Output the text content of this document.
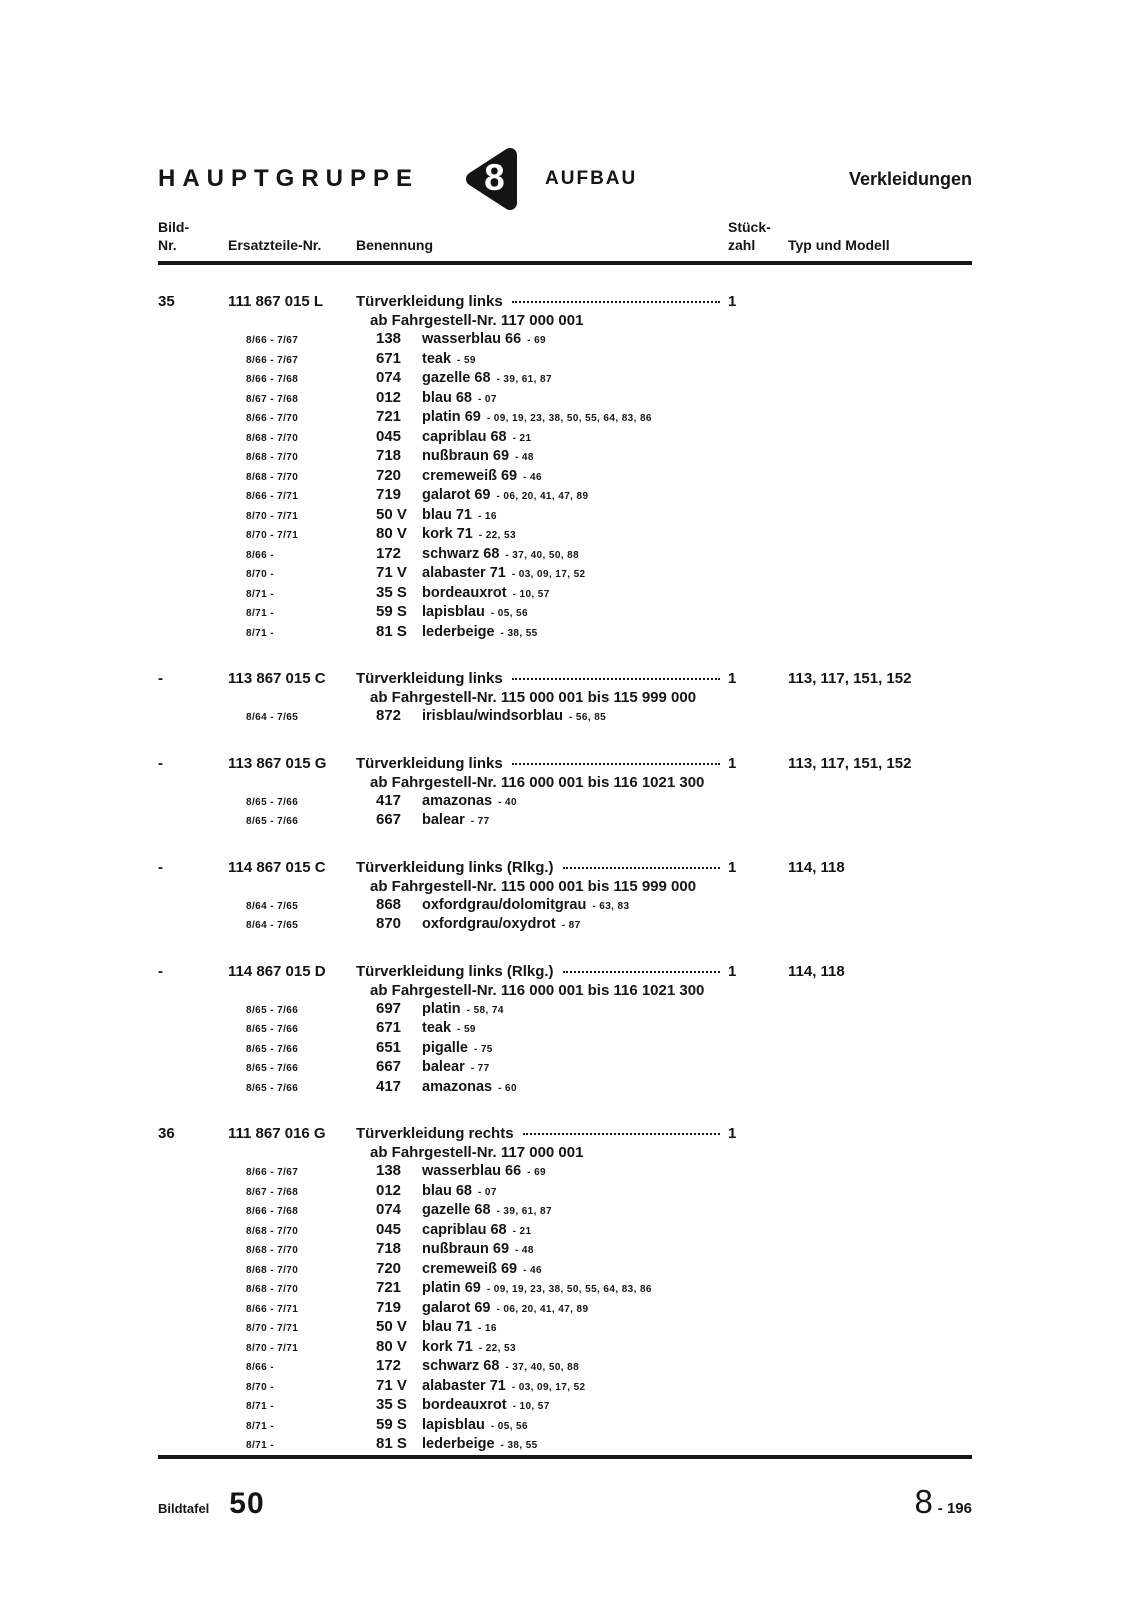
HAUPTGRUPPE 8 AUFBAU	Verkleidungen
Bild-
Nr.	Ersatzteile-Nr.	Benennung
Stück-
zahl	Typ und Modell
35	111 867 015 L	Türverkleidung links	1
ab Fahrgestell-Nr. 117 000 001
8/66 - 7/67	138	wasserblau 66 - 69
8/66 - 7/67	671	teak - 59
8/66 - 7/68	074	gazelle 68 - 39, 61, 87
8/67 - 7/68	012	blau 68 - 07
8/66 - 7/70	721	platin 69 - 09, 19, 23, 38, 50, 55, 64, 83, 86
8/68 - 7/70	045	capriblau 68 - 21
8/68 - 7/70	718	nußbraun 69 - 48
8/68 - 7/70	720	cremeweiß 69 - 46
8/66 - 7/71	719	galarot 69 - 06, 20, 41, 47, 89
8/70 - 7/71	50 V	blau 71 - 16
8/70 - 7/71	80 V	kork 71 - 22, 53
8/66 -	172	schwarz 68 - 37, 40, 50, 88
8/70 -	71 V	alabaster 71 - 03, 09, 17, 52
8/71 -	35 S	bordeauxrot - 10, 57
8/71 -	59 S	lapisblau - 05, 56
8/71 -	81 S	lederbeige - 38, 55
-	113 867 015 C	Türverkleidung links	1	113, 117, 151, 152
ab Fahrgestell-Nr. 115 000 001 bis 115 999 000
8/64 - 7/65	872	irisblau/windsorblau - 56, 85
-	113 867 015 G	Türverkleidung links	1	113, 117, 151, 152
ab Fahrgestell-Nr. 116 000 001 bis 116 1021 300
8/65 - 7/66	417	amazonas - 40
8/65 - 7/66	667	balear - 77
-	114 867 015 C	Türverkleidung links (Rlkg.)	1	114, 118
ab Fahrgestell-Nr. 115 000 001 bis 115 999 000
8/64 - 7/65	868	oxfordgrau/dolomitgrau - 63, 83
8/64 - 7/65	870	oxfordgrau/oxydrot - 87
-	114 867 015 D	Türverkleidung links (Rlkg.)	1	114, 118
ab Fahrgestell-Nr. 116 000 001 bis 116 1021 300
8/65 - 7/66	697	platin - 58, 74
8/65 - 7/66	671	teak - 59
8/65 - 7/66	651	pigalle - 75
8/65 - 7/66	667	balear - 77
8/65 - 7/66	417	amazonas - 60
36	111 867 016 G	Türverkleidung rechts	1
ab Fahrgestell-Nr. 117 000 001
8/66 - 7/67	138	wasserblau 66 - 69
8/67 - 7/68	012	blau 68 - 07
8/66 - 7/68	074	gazelle 68 - 39, 61, 87
8/68 - 7/70	045	capriblau 68 - 21
8/68 - 7/70	718	nußbraun 69 - 48
8/68 - 7/70	720	cremeweiß 69 - 46
8/68 - 7/70	721	platin 69 - 09, 19, 23, 38, 50, 55, 64, 83, 86
8/66 - 7/71	719	galarot 69 - 06, 20, 41, 47, 89
8/70 - 7/71	50 V	blau 71 - 16
8/70 - 7/71	80 V	kork 71 - 22, 53
8/66 -	172	schwarz 68 - 37, 40, 50, 88
8/70 -	71 V	alabaster 71 - 03, 09, 17, 52
8/71 -	35 S	bordeauxrot - 10, 57
8/71 -	59 S	lapisblau - 05, 56
8/71 -	81 S	lederbeige - 38, 55
Bildtafel 50	8 - 196
